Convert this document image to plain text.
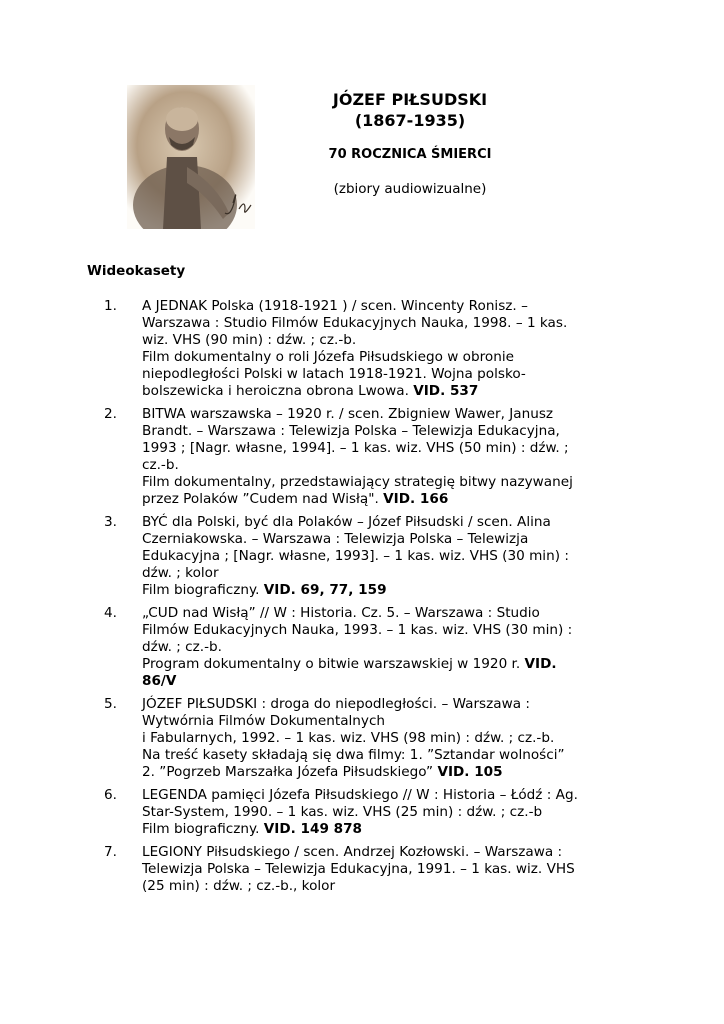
JÓZEF PIŁSUDSKI
(1867-1935)
70 ROCZNICA ŚMIERCI
(zbiory audiowizualne)
Wideokasety
1. A JEDNAK Polska (1918-1921 ) / scen. Wincenty Ronisz. –

Warszawa : Studio Filmów Edukacyjnych Nauka, 1998. – 1 kas.

wiz. VHS (90 min) : dźw. ; cz.-b.

Film dokumentalny o roli Józefa Piłsudskiego w obronie

niepodległości Polski w latach 1918-1921. Wojna polsko-

bolszewicka i heroiczna obrona Lwowa. VID. 537

2. BITWA warszawska – 1920 r. / scen. Zbigniew Wawer, Janusz

Brandt. – Warszawa : Telewizja Polska – Telewizja Edukacyjna,

1993 ; [Nagr. własne, 1994]. – 1 kas. wiz. VHS (50 min) : dźw. ;

cz.-b.

Film dokumentalny, przedstawiający strategię bitwy nazywanej

przez Polaków ”Cudem nad Wisłą". VID. 166

3. BYĆ dla Polski, być dla Polaków – Józef Piłsudski / scen. Alina

Czerniakowska. – Warszawa : Telewizja Polska – Telewizja

Edukacyjna ; [Nagr. własne, 1993]. – 1 kas. wiz. VHS (30 min) :

dźw. ; kolor

Film biograficzny. VID. 69, 77, 159

4. „CUD nad Wisłą” // W : Historia. Cz. 5. – Warszawa : Studio

Filmów Edukacyjnych Nauka, 1993. – 1 kas. wiz. VHS (30 min) :

dźw. ; cz.-b.

Program dokumentalny o bitwie warszawskiej w 1920 r. VID.

86/V

5. JÓZEF PIŁSUDSKI : droga do niepodległości. – Warszawa :

Wytwórnia Filmów Dokumentalnych

i Fabularnych, 1992. – 1 kas. wiz. VHS (98 min) : dźw. ; cz.-b.

Na treść kasety składają się dwa filmy: 1. ”Sztandar wolności”

2. ”Pogrzeb Marszałka Józefa Piłsudskiego” VID. 105

6. LEGENDA pamięci Józefa Piłsudskiego // W : Historia – Łódź : Ag.

Star-System, 1990. – 1 kas. wiz. VHS (25 min) : dźw. ; cz.-b

Film biograficzny. VID. 149 878

7. LEGIONY Piłsudskiego / scen. Andrzej Kozłowski. – Warszawa :

Telewizja Polska – Telewizja Edukacyjna, 1991. – 1 kas. wiz. VHS

(25 min) : dźw. ; cz.-b., kolor
